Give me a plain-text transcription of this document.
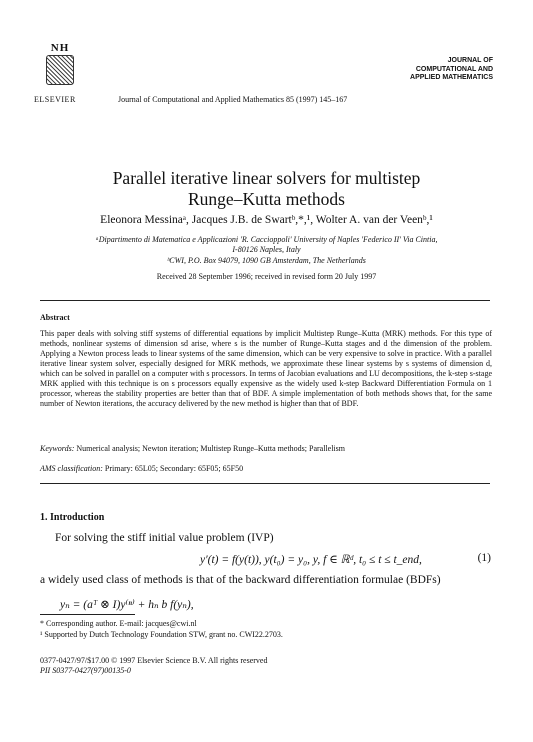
NH
ELSEVIER	Journal of Computational and Applied Mathematics 85 (1997) 145–167
JOURNAL OF
COMPUTATIONAL AND
APPLIED MATHEMATICS
Parallel iterative linear solvers for multistep
Runge–Kutta methods
Eleonora Messinaᵃ, Jacques J.B. de Swartᵇ,*,¹, Wolter A. van der Veenᵇ,¹
ᵃDipartimento di Matematica e Applicazioni 'R. Caccioppoli' University of Naples 'Federico II' Via Cintia,
I-80126 Naples, Italy
ᵇCWI, P.O. Box 94079, 1090 GB Amsterdam, The Netherlands
Received 28 September 1996; received in revised form 20 July 1997
Abstract
This paper deals with solving stiff systems of differential equations by implicit Multistep Runge–Kutta (MRK) methods. For this type of methods, nonlinear systems of dimension sd arise, where s is the number of Runge–Kutta stages and d the dimension of the problem. Applying a Newton process leads to linear systems of the same dimension, which can be very expensive to solve in practice. With a parallel iterative linear system solver, especially designed for MRK methods, we approximate these linear systems by s systems of dimension d, which can be solved in parallel on a computer with s processors. In terms of Jacobian evaluations and LU decompositions, the k-step s-stage MRK applied with this technique is on s processors equally expensive as the widely used k-step Backward Differentiation Formula on 1 processor, whereas the stability properties are better than that of BDF. A simple implementation of both methods shows that, for the same number of Newton iterations, the accuracy delivered by the new method is higher than that of BDF.
Keywords: Numerical analysis; Newton iteration; Multistep Runge–Kutta methods; Parallelism
AMS classification: Primary: 65L05; Secondary: 65F05; 65F50
1. Introduction
For solving the stiff initial value problem (IVP)
y′(t) = f(y(t)), y(t₀) = y₀, y, f ∈ ℝᵈ, t₀ ≤ t ≤ t_end,	(1)
a widely used class of methods is that of the backward differentiation formulae (BDFs)
yₙ = (aᵀ ⊗ I)y⁽ⁿ⁾ + hₙ b f(yₙ),
* Corresponding author. E-mail: jacques@cwi.nl
¹ Supported by Dutch Technology Foundation STW, grant no. CWI22.2703.
0377-0427/97/$17.00 © 1997 Elsevier Science B.V. All rights reserved
PII S0377-0427(97)00135-0
